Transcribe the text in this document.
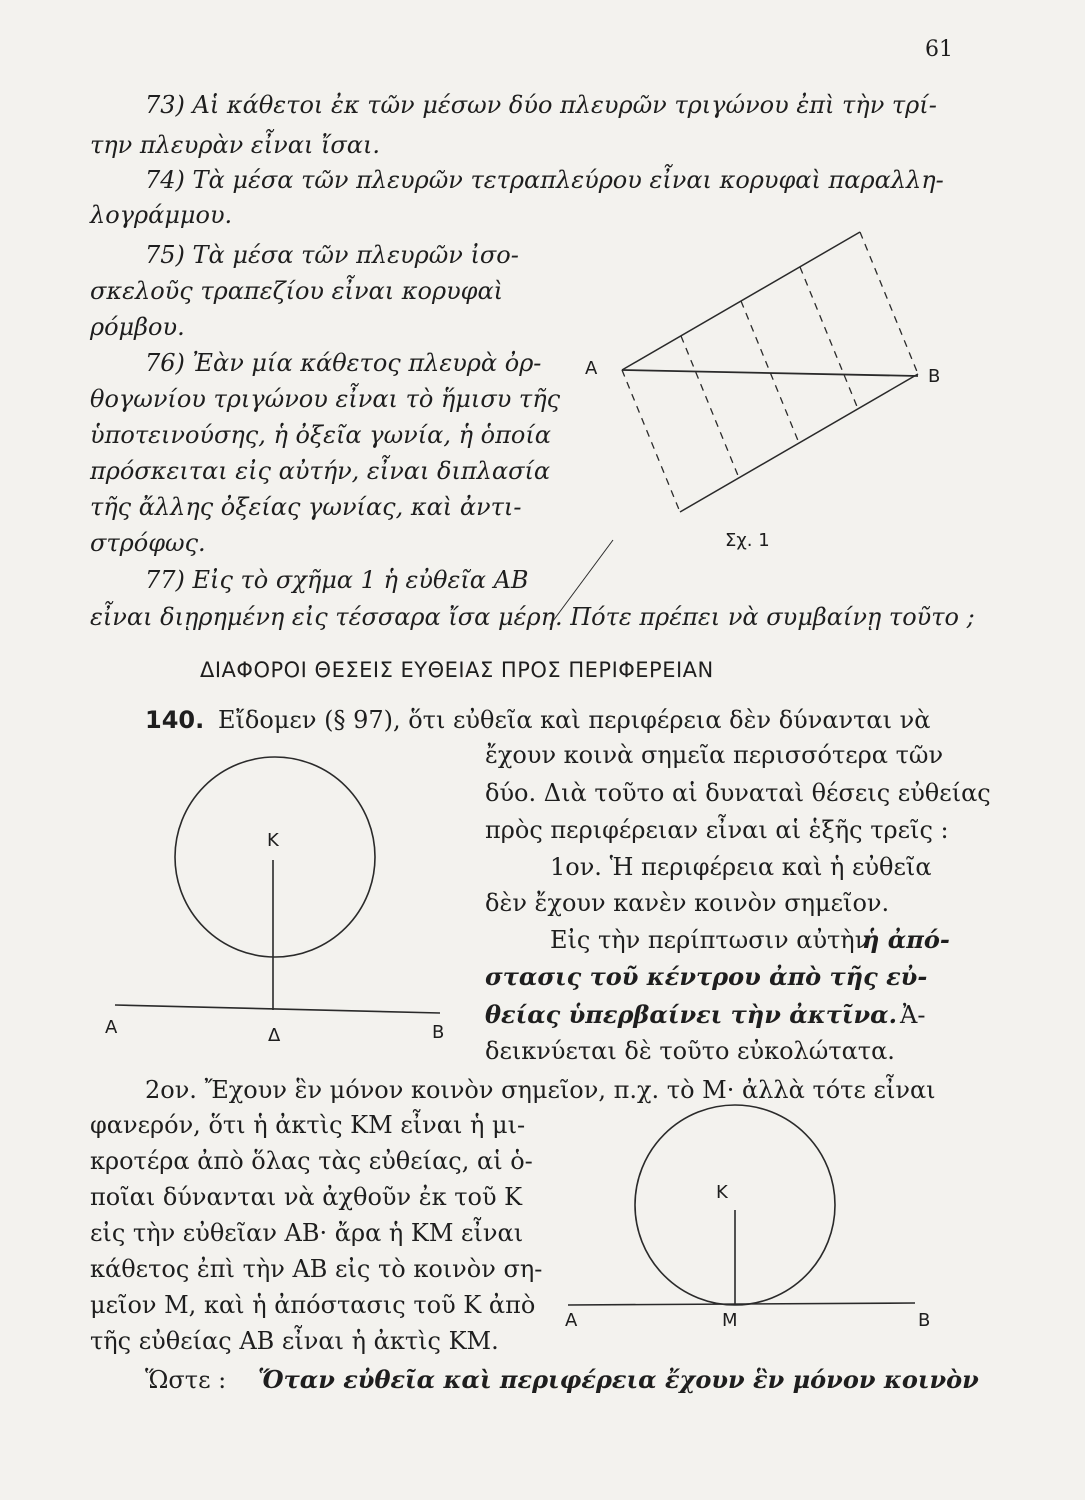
61
73) Αἱ κάθετοι ἐκ τῶν μέσων δύο πλευρῶν τριγώνου ἐπὶ τὴν τρί-
την πλευρὰν εἶναι ἴσαι.
74) Τὰ μέσα τῶν πλευρῶν τετραπλεύρου εἶναι κορυφαὶ παραλλη-
λογράμμου.
75) Τὰ μέσα τῶν πλευρῶν ἰσο-
σκελοῦς τραπεζίου εἶναι κορυφαὶ
ρόμβου.
76) Ἐὰν μία κάθετος πλευρὰ ὀρ-
θογωνίου τριγώνου εἶναι τὸ ἥμισυ τῆς
ὑποτεινούσης, ἡ ὀξεῖα γωνία, ἡ ὁποία
πρόσκειται εἰς αὐτήν, εἶναι διπλασία
τῆς ἄλλης ὀξείας γωνίας, καὶ ἀντι-
στρόφως.
77) Εἰς τὸ σχῆμα 1 ἡ εὐθεῖα ΑΒ
εἶναι διῃρημένη εἰς τέσσαρα ἴσα μέρη. Πότε πρέπει νὰ συμβαίνῃ τοῦτο ;
ΔΙΑΦΟΡΟΙ ΘΕΣΕΙΣ ΕΥΘΕΙΑΣ ΠΡΟΣ ΠΕΡΙΦΕΡΕΙΑΝ
140. Εἴδομεν (§ 97), ὅτι εὐθεῖα καὶ περιφέρεια δὲν δύνανται νὰ
ἔχουν κοινὰ σημεῖα περισσότερα τῶν
δύο. Διὰ τοῦτο αἱ δυναταὶ θέσεις εὐθείας
πρὸς περιφέρειαν εἶναι αἱ ἑξῆς τρεῖς :
1ον. Ἡ περιφέρεια καὶ ἡ εὐθεῖα
δὲν ἔχουν κανὲν κοινὸν σημεῖον.
Εἰς τὴν περίπτωσιν αὐτὴν
ἡ ἀπό-
στασις τοῦ κέντρου ἀπὸ τῆς εὐ-
θείας ὑπερβαίνει τὴν ἀκτῖνα. Ἀ-
δεικνύεται δὲ τοῦτο εὐκολώτατα.
2ον. Ἔχουν ἓν μόνον κοινὸν σημεῖον, π.χ. τὸ Μ· ἀλλὰ τότε εἶναι
φανερόν, ὅτι ἡ ἀκτὶς ΚΜ εἶναι ἡ μι-
κροτέρα ἀπὸ ὅλας τὰς εὐθείας, αἱ ὁ-
ποῖαι δύνανται νὰ ἀχθοῦν ἐκ τοῦ Κ
εἰς τὴν εὐθεῖαν ΑΒ· ἄρα ἡ ΚΜ εἶναι
κάθετος ἐπὶ τὴν ΑΒ εἰς τὸ κοινὸν ση-
μεῖον Μ, καὶ ἡ ἀπόστασις τοῦ Κ ἀπὸ
τῆς εὐθείας ΑΒ εἶναι ἡ ἀκτὶς ΚΜ.
Ὥστε : Ὅταν εὐθεῖα καὶ περιφέρεια ἔχουν ἓν μόνον κοινὸν
A	B
Σχ. 1
K
Δ
A	B
K
M
A	B
